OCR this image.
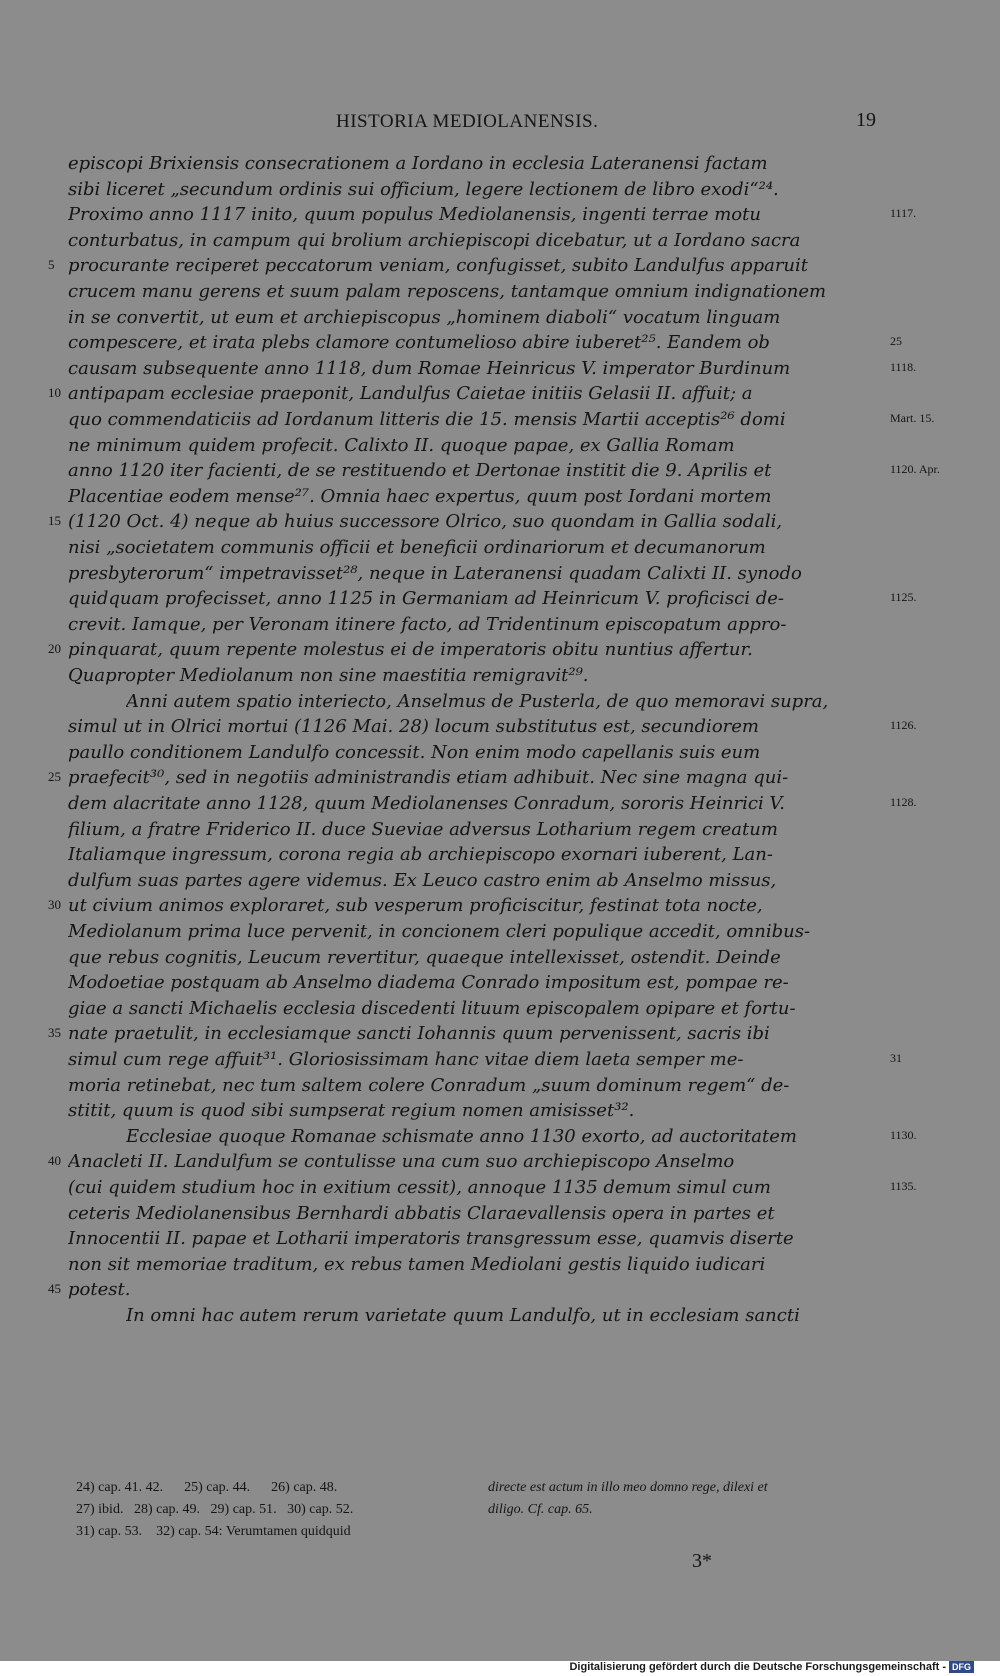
HISTORIA MEDIOLANENSIS.	19
episcopi Brixiensis consecrationem a Iordano in ecclesia Lateranensi factam
sibi liceret „secundum ordinis sui officium, legere lectionem de libro exodi“²⁴.
Proximo anno 1117 inito, quum populus Mediolanensis, ingenti terrae motu	1117.
conturbatus, in campum qui brolium archiepiscopi dicebatur, ut a Iordano sacra
5 procurante reciperet peccatorum veniam, confugisset, subito Landulfus apparuit
crucem manu gerens et suum palam reposcens, tantamque omnium indignationem
in se convertit, ut eum et archiepiscopus „hominem diaboli“ vocatum linguam
compescere, et irata plebs clamore contumelioso abire iuberet²⁵. Eandem ob	25
causam subsequente anno 1118, dum Romae Heinricus V. imperator Burdinum	1118.
10 antipapam ecclesiae praeponit, Landulfus Caietae initiis Gelasii II. affuit; a
quo commendaticiis ad Iordanum litteris die 15. mensis Martii acceptis²⁶ domi	Mart. 15.
ne minimum quidem profecit. Calixto II. quoque papae, ex Gallia Romam
anno 1120 iter facienti, de se restituendo et Dertonae institit die 9. Aprilis et	1120. Apr.
Placentiae eodem mense²⁷. Omnia haec expertus, quum post Iordani mortem
15 (1120 Oct. 4) neque ab huius successore Olrico, suo quondam in Gallia sodali,
nisi „societatem communis officii et beneficii ordinariorum et decumanorum
presbyterorum“ impetravisset²⁸, neque in Lateranensi quadam Calixti II. synodo
quidquam profecisset, anno 1125 in Germaniam ad Heinricum V. proficisci de-	1125.
crevit. Iamque, per Veronam itinere facto, ad Tridentinum episcopatum appro-
20 pinquarat, quum repente molestus ei de imperatoris obitu nuntius affertur.
Quapropter Mediolanum non sine maestitia remigravit²⁹.
Anni autem spatio interiecto, Anselmus de Pusterla, de quo memoravi supra,
simul ut in Olrici mortui (1126 Mai. 28) locum substitutus est, secundiorem	1126.
paullo conditionem Landulfo concessit. Non enim modo capellanis suis eum
25 praefecit³⁰, sed in negotiis administrandis etiam adhibuit. Nec sine magna qui-
dem alacritate anno 1128, quum Mediolanenses Conradum, sororis Heinrici V.	1128.
filium, a fratre Friderico II. duce Sueviae adversus Lotharium regem creatum
Italiamque ingressum, corona regia ab archiepiscopo exornari iuberent, Lan-
dulfum suas partes agere videmus. Ex Leuco castro enim ab Anselmo missus,
30 ut civium animos exploraret, sub vesperum proficiscitur, festinat tota nocte,
Mediolanum prima luce pervenit, in concionem cleri populique accedit, omnibus-
que rebus cognitis, Leucum revertitur, quaeque intellexisset, ostendit. Deinde
Modoetiae postquam ab Anselmo diadema Conrado impositum est, pompae re-
giae a sancti Michaelis ecclesia discedenti lituum episcopalem opipare et fortu-
35 nate praetulit, in ecclesiamque sancti Iohannis quum pervenissent, sacris ibi
simul cum rege affuit³¹. Gloriosissimam hanc vitae diem laeta semper me-	31
moria retinebat, nec tum saltem colere Conradum „suum dominum regem“ de-
stitit, quum is quod sibi sumpserat regium nomen amisisset³².
Ecclesiae quoque Romanae schismate anno 1130 exorto, ad auctoritatem	1130.
40 Anacleti II. Landulfum se contulisse una cum suo archiepiscopo Anselmo
(cui quidem studium hoc in exitium cessit), annoque 1135 demum simul cum	1135.
ceteris Mediolanensibus Bernhardi abbatis Claraevallensis opera in partes et
Innocentii II. papae et Lotharii imperatoris transgressum esse, quamvis diserte
non sit memoriae traditum, ex rebus tamen Mediolani gestis liquido iudicari
45 potest.
In omni hac autem rerum varietate quum Landulfo, ut in ecclesiam sancti
24) cap. 41. 42.      25) cap. 44.      26) cap. 48.	directe est actum in illo meo domno rege, dilexi et
27) ibid.   28) cap. 49.   29) cap. 51.   30) cap. 52.	diligo. Cf. cap. 65.
31) cap. 53.    32) cap. 54: Verumtamen quidquid
3*
Digitalisierung gefördert durch die Deutsche Forschungsgemeinschaft - DFG
